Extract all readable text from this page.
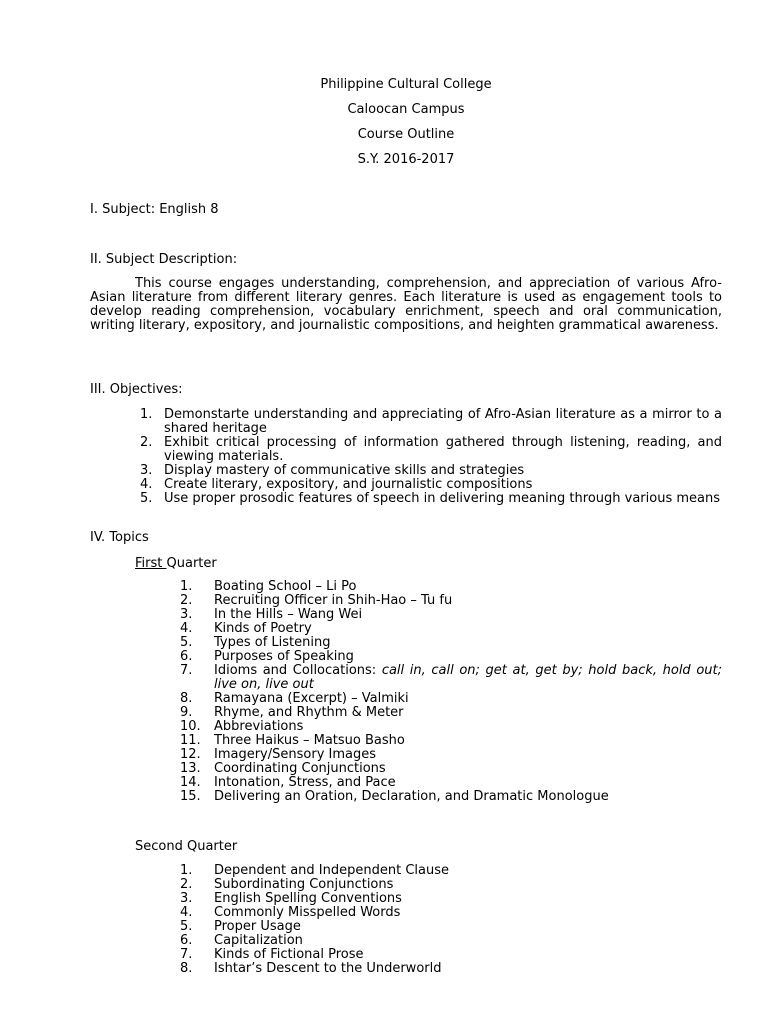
Philippine Cultural College
Caloocan Campus
Course Outline
S.Y. 2016-2017
I. Subject: English 8
II. Subject Description:

This course engages understanding, comprehension, and appreciation of various Afro-Asian literature from different literary genres. Each literature is used as engagement tools to develop reading comprehension, vocabulary enrichment, speech and oral communication, writing literary, expository, and journalistic compositions, and heighten grammatical awareness.

III. Objectives:
1. Demonstarte understanding and appreciating of Afro-Asian literature as a mirror to a shared heritage
2. Exhibit critical processing of information gathered through listening, reading, and viewing materials.
3. Display mastery of communicative skills and strategies
4. Create literary, expository, and journalistic compositions
5. Use proper prosodic features of speech in delivering meaning through various means
IV. Topics
First Quarter
1. Boating School – Li Po
2. Recruiting Officer in Shih-Hao – Tu fu
3. In the Hills – Wang Wei
4. Kinds of Poetry
5. Types of Listening
6. Purposes of Speaking
7. Idioms and Collocations: call in, call on; get at, get by; hold back, hold out; live on, live out
8. Ramayana (Excerpt) – Valmiki
9. Rhyme, and Rhythm & Meter
10. Abbreviations
11. Three Haikus – Matsuo Basho
12. Imagery/Sensory Images
13. Coordinating Conjunctions
14. Intonation, Stress, and Pace
15. Delivering an Oration, Declaration, and Dramatic Monologue
Second Quarter
1. Dependent and Independent Clause
2. Subordinating Conjunctions
3. English Spelling Conventions
4. Commonly Misspelled Words
5. Proper Usage
6. Capitalization
7. Kinds of Fictional Prose
8. Ishtar’s Descent to the Underworld
